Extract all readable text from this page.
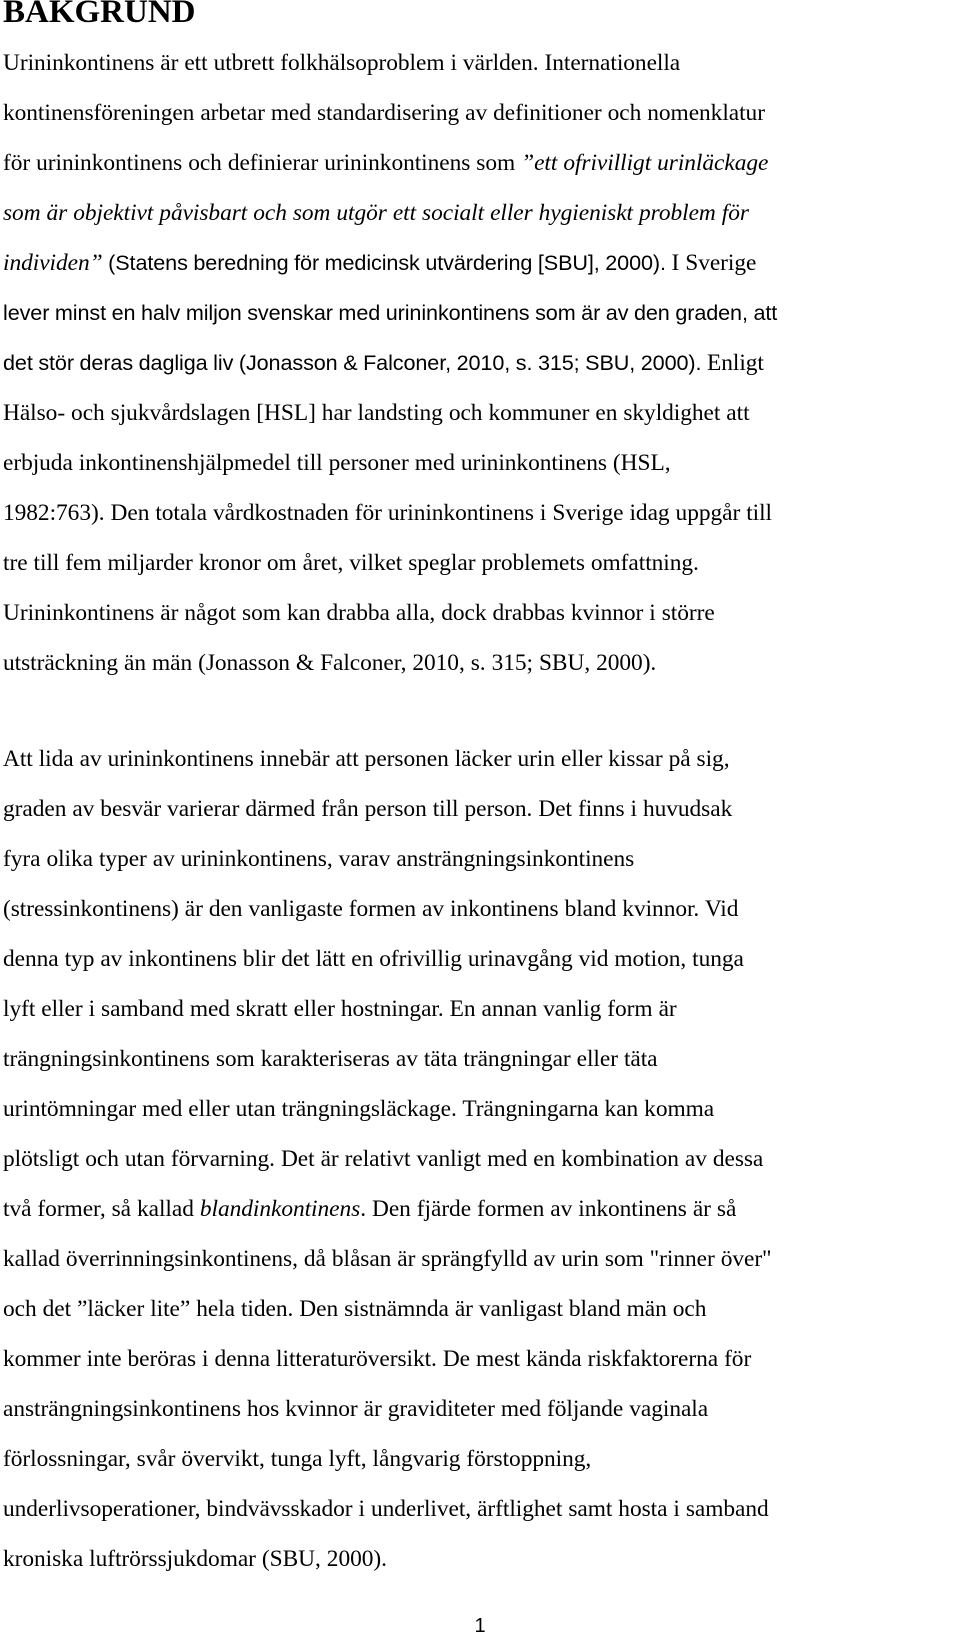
BAKGRUND

Urininkontinens är ett utbrett folkhälsoproblem i världen. Internationella
kontinensföreningen arbetar med standardisering av definitioner och nomenklatur
för urininkontinens och definierar urininkontinens som ”ett ofrivilligt urinläckage
som är objektivt påvisbart och som utgör ett socialt eller hygieniskt problem för
individen” (Statens beredning för medicinsk utvärdering [SBU], 2000). I Sverige
lever minst en halv miljon svenskar med urininkontinens som är av den graden, att
det stör deras dagliga liv (Jonasson & Falconer, 2010, s. 315; SBU, 2000). Enligt
Hälso- och sjukvårdslagen [HSL] har landsting och kommuner en skyldighet att
erbjuda inkontinenshjälpmedel till personer med urininkontinens (HSL,
1982:763). Den totala vårdkostnaden för urininkontinens i Sverige idag uppgår till
tre till fem miljarder kronor om året, vilket speglar problemets omfattning.
Urininkontinens är något som kan drabba alla, dock drabbas kvinnor i större
utsträckning än män (Jonasson & Falconer, 2010, s. 315; SBU, 2000).

Att lida av urininkontinens innebär att personen läcker urin eller kissar på sig,
graden av besvär varierar därmed från person till person. Det finns i huvudsak
fyra olika typer av urininkontinens, varav ansträngningsinkontinens
(stressinkontinens) är den vanligaste formen av inkontinens bland kvinnor. Vid
denna typ av inkontinens blir det lätt en ofrivillig urinavgång vid motion, tunga
lyft eller i samband med skratt eller hostningar. En annan vanlig form är
trängningsinkontinens som karakteriseras av täta trängningar eller täta
urintömningar med eller utan trängningsläckage. Trängningarna kan komma
plötsligt och utan förvarning. Det är relativt vanligt med en kombination av dessa
två former, så kallad blandinkontinens. Den fjärde formen av inkontinens är så
kallad överrinningsinkontinens, då blåsan är sprängfylld av urin som "rinner över"
och det ”läcker lite” hela tiden. Den sistnämnda är vanligast bland män och
kommer inte beröras i denna litteraturöversikt. De mest kända riskfaktorerna för
ansträngningsinkontinens hos kvinnor är graviditeter med följande vaginala
förlossningar, svår övervikt, tunga lyft, långvarig förstoppning,
underlivsoperationer, bindvävsskador i underlivet, ärftlighet samt hosta i samband
kroniska luftrörssjukdomar (SBU, 2000).

1
